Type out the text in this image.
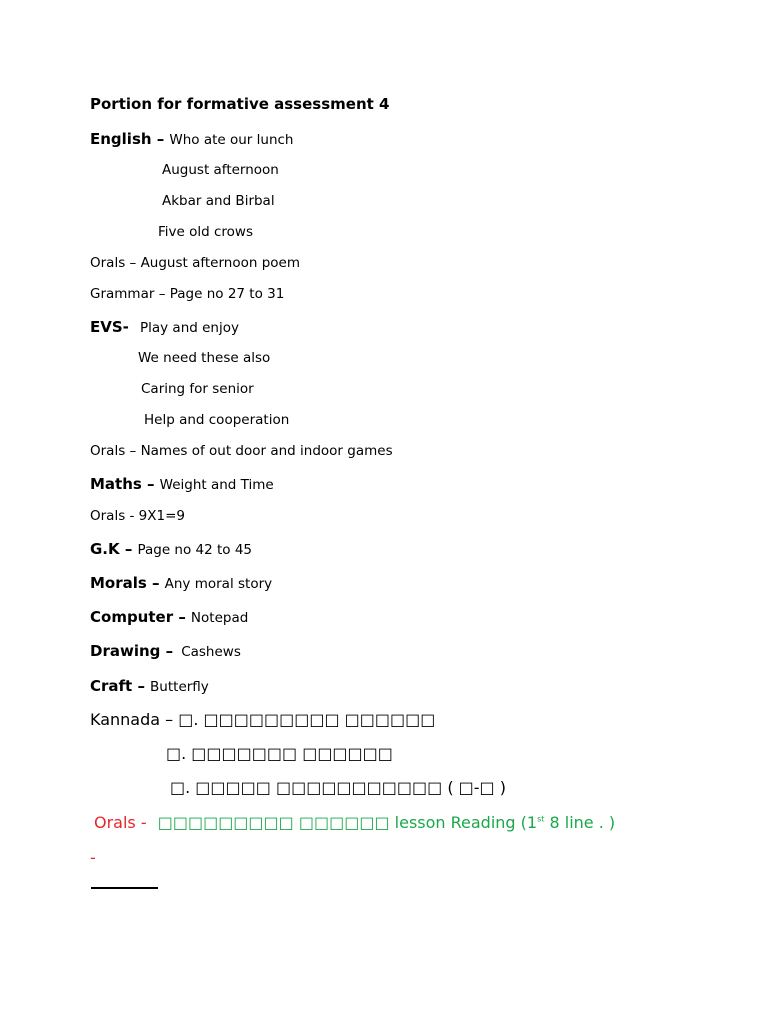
Portion for formative assessment 4
English – Who ate our lunch
August afternoon
Akbar and Birbal
Five old crows
Orals – August afternoon poem
Grammar – Page no 27 to 31
EVS- Play and enjoy
We need these also
Caring for senior
Help and cooperation
Orals – Names of out door and indoor games
Maths – Weight and Time
Orals - 9X1=9
G.K – Page no 42 to 45
Morals – Any moral story
Computer – Notepad
Drawing – Cashews
Craft – Butterfly
Kannada – □. □□□□□□□□□ □□□□□□
□. □□□□□□□ □□□□□□
□. □□□□□ □□□□□□□□□□□ ( □-□ )
Orals - □□□□□□□□□ □□□□□□ lesson Reading (1st 8 line . )
-
